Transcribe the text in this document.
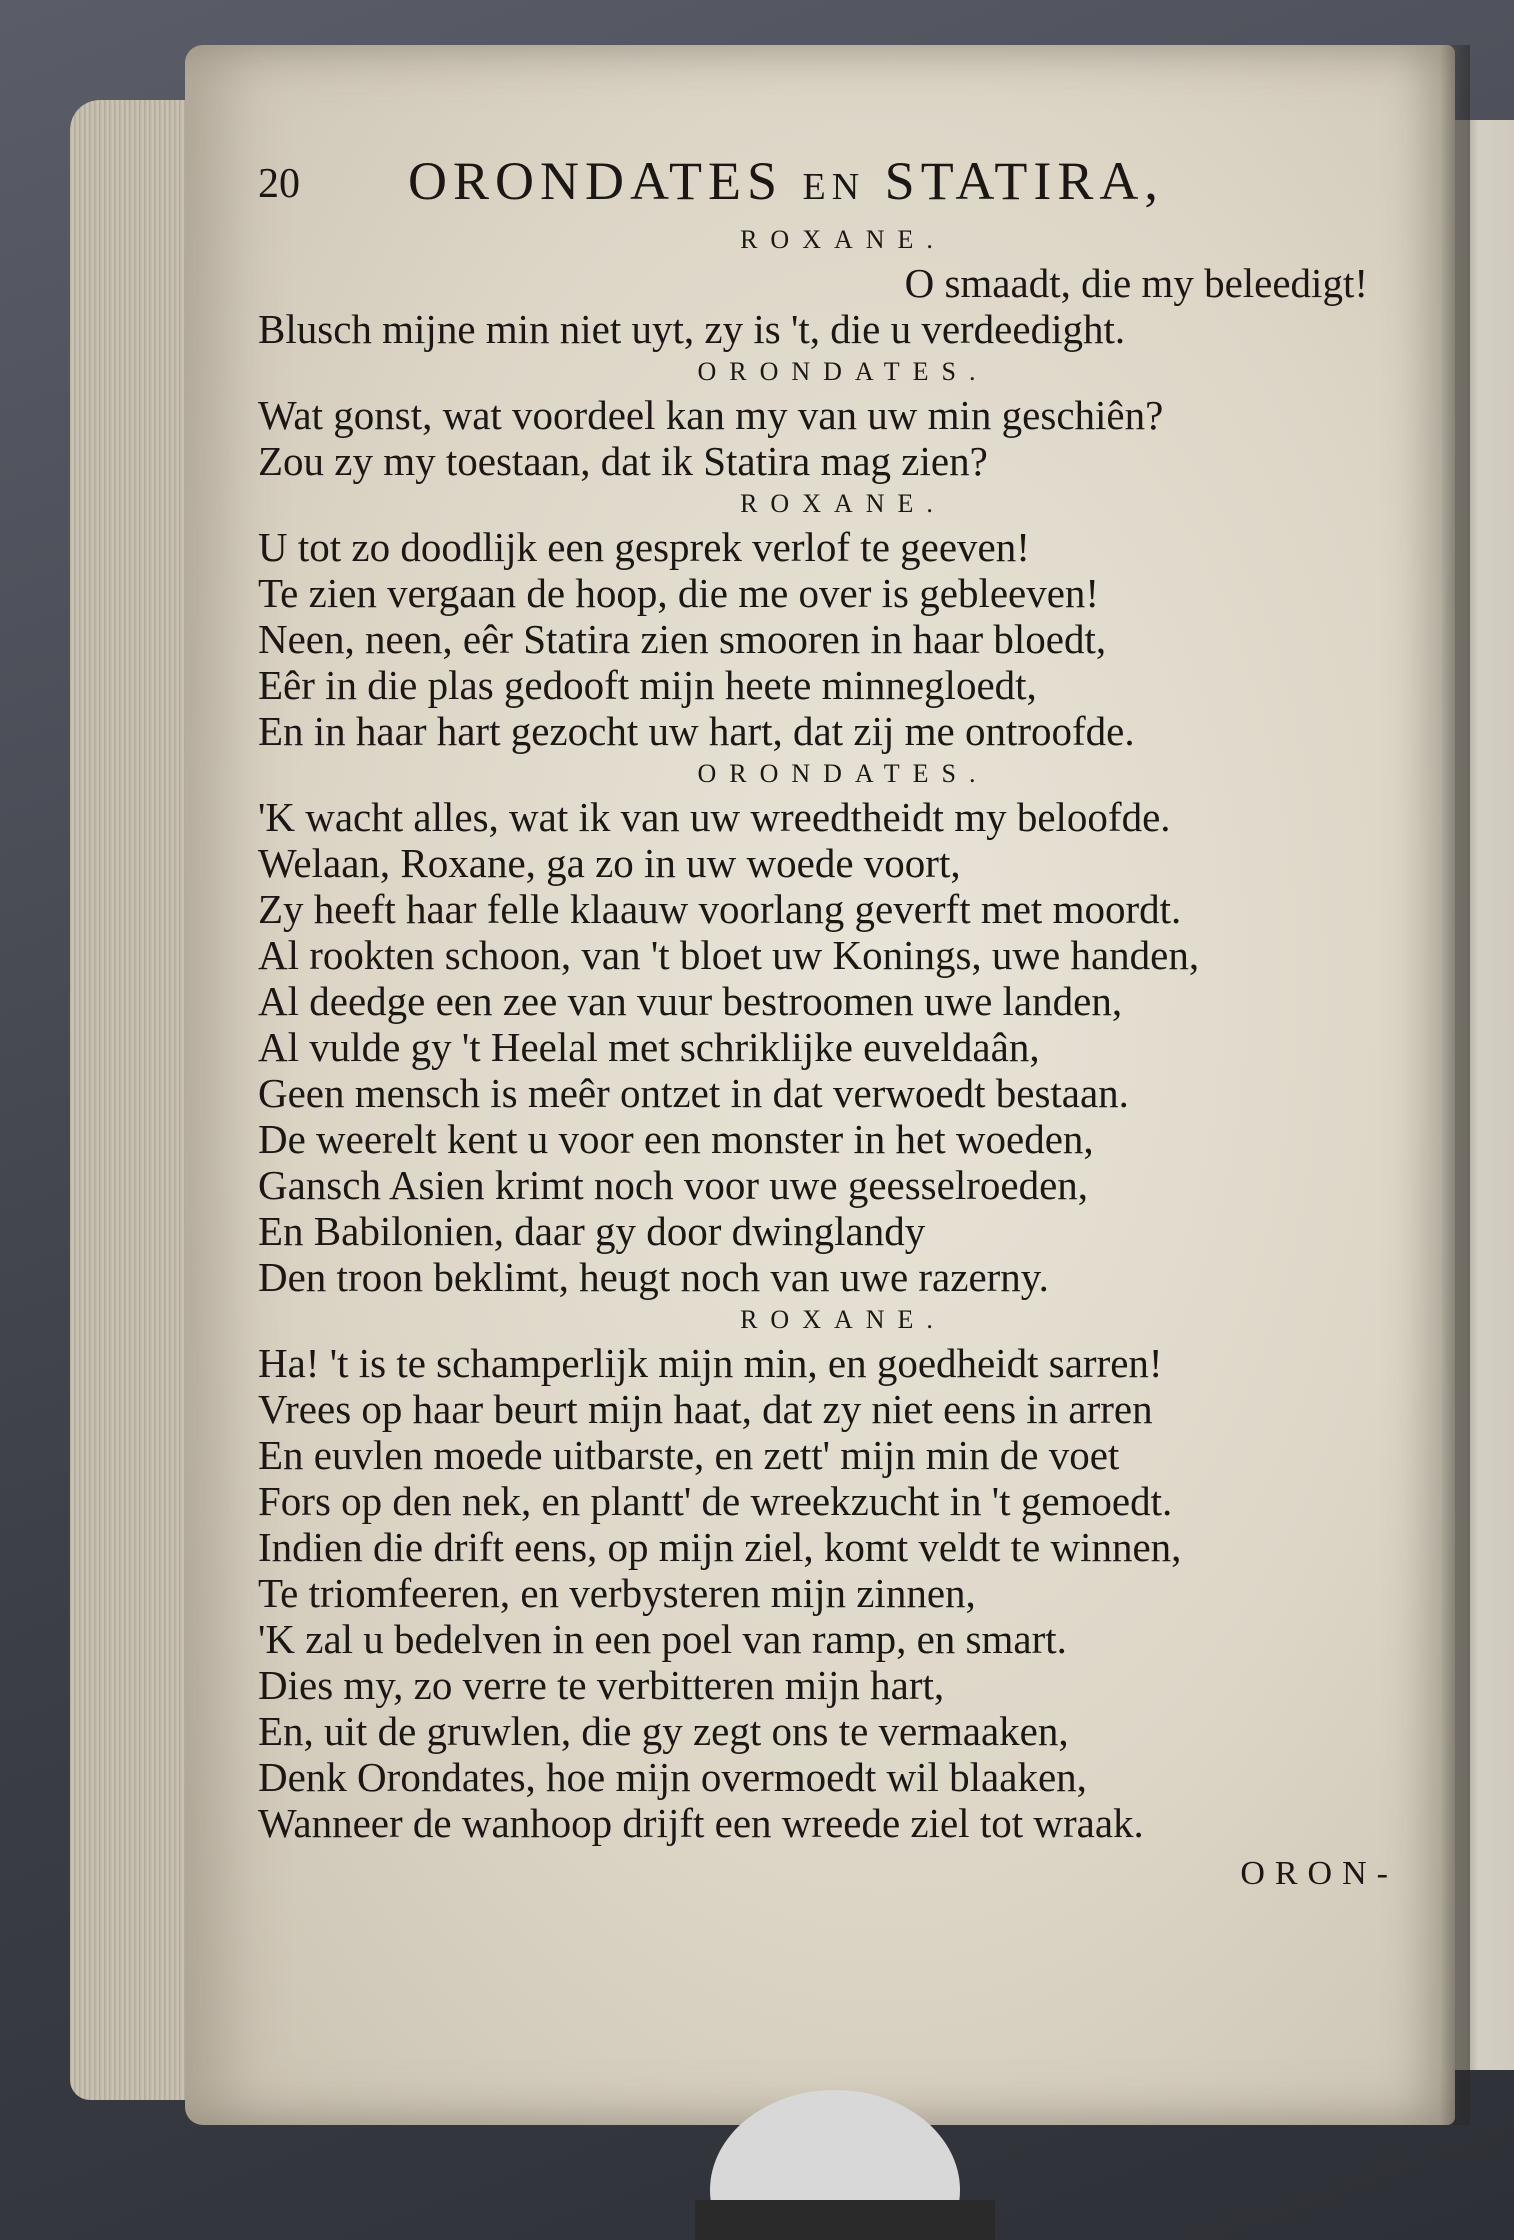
20 ORONDATES en STATIRA,
ROXANE.
O smaadt, die my beleedigt!
Blusch mijne min niet uyt, zy is 't, die u verdeedight.
ORONDATES.
Wat gonst, wat voordeel kan my van uw min geschiên?
Zou zy my toestaan, dat ik Statira mag zien?
ROXANE.
U tot zo doodlijk een gesprek verlof te geeven!
Te zien vergaan de hoop, die me over is gebleeven!
Neen, neen, eêr Statira zien smooren in haar bloedt,
Eêr in die plas gedooft mijn heete minnegloedt,
En in haar hart gezocht uw hart, dat zij me ontroofde.
ORONDATES.
'K wacht alles, wat ik van uw wreedtheidt my beloofde.
Welaan, Roxane, ga zo in uw woede voort,
Zy heeft haar felle klaauw voorlang geverft met moordt.
Al rookten schoon, van 't bloet uw Konings, uwe handen,
Al deedge een zee van vuur bestroomen uwe landen,
Al vulde gy 't Heelal met schriklijke euveldaân,
Geen mensch is meêr ontzet in dat verwoedt bestaan.
De weerelt kent u voor een monster in het woeden,
Gansch Asien krimt noch voor uwe geesselroeden,
En Babilonien, daar gy door dwinglandy
Den troon beklimt, heugt noch van uwe razerny.
ROXANE.
Ha! 't is te schamperlijk mijn min, en goedheidt sarren!
Vrees op haar beurt mijn haat, dat zy niet eens in arren
En euvlen moede uitbarste, en zett' mijn min de voet
Fors op den nek, en plantt' de wreekzucht in 't gemoedt.
Indien die drift eens, op mijn ziel, komt veldt te winnen,
Te triomfeeren, en verbysteren mijn zinnen,
'K zal u bedelven in een poel van ramp, en smart.
Dies my, zo verre te verbitteren mijn hart,
En, uit de gruwlen, die gy zegt ons te vermaaken,
Denk Orondates, hoe mijn overmoedt wil blaaken,
Wanneer de wanhoop drijft een wreede ziel tot wraak.
ORON-
